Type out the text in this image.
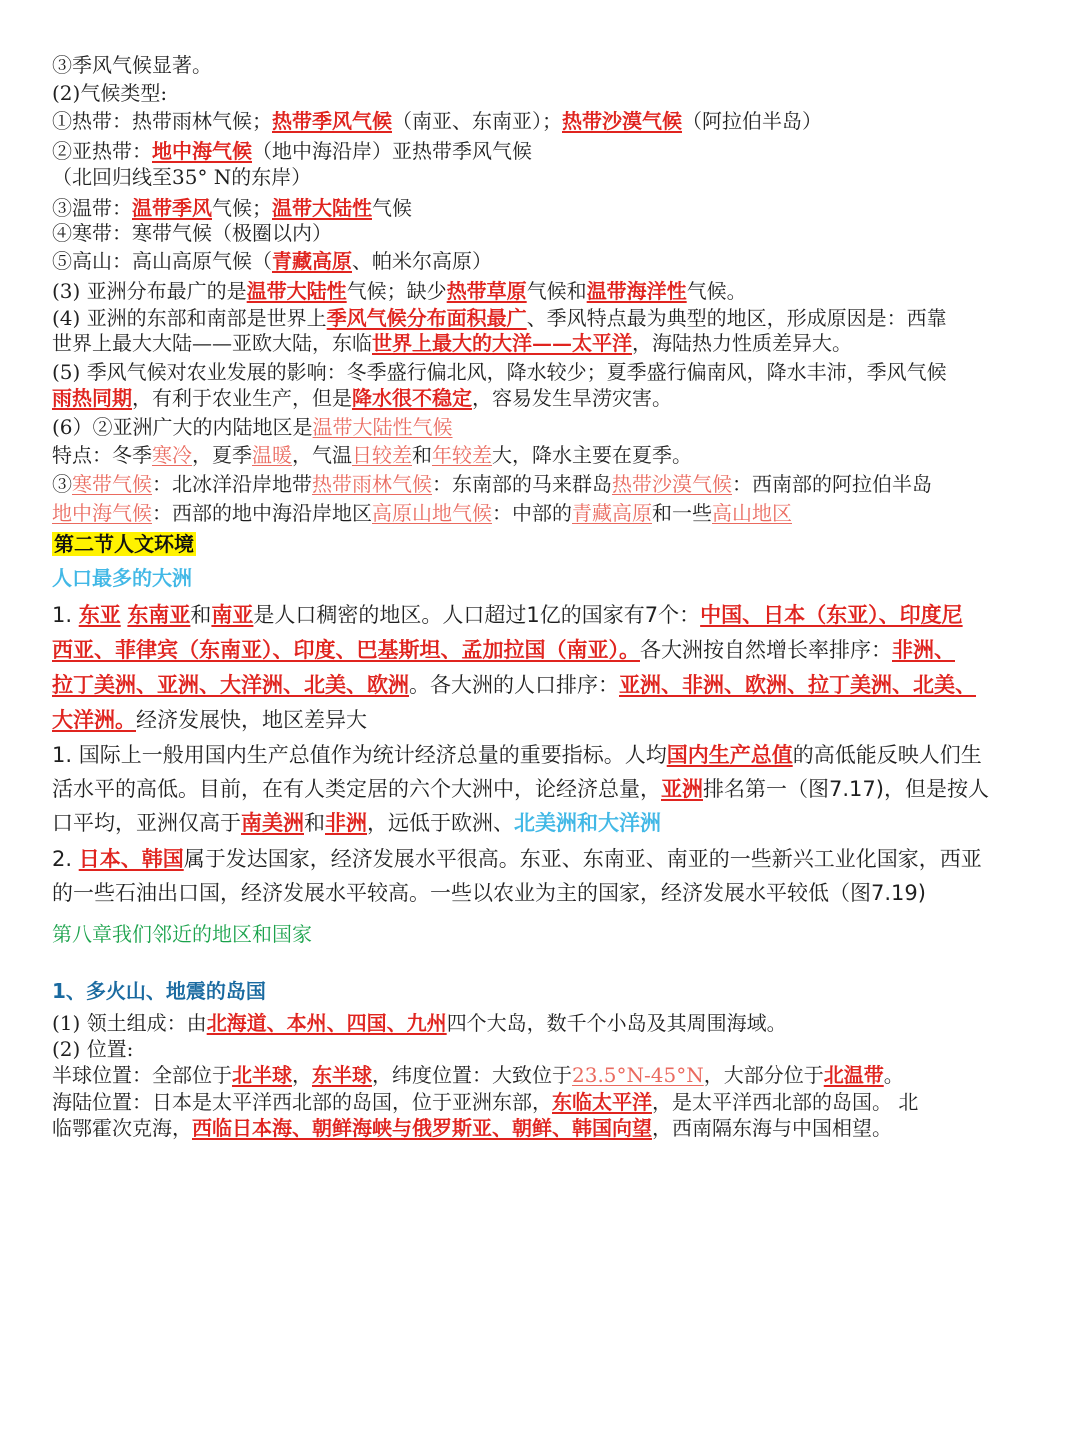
③季风气候显著。
(2)气候类型:
①热带：热带雨林气候；热带季风气候（南亚、东南亚）；热带沙漠气候（阿拉伯半岛）
②亚热带：地中海气候（地中海沿岸）亚热带季风气候
（北回归线至35° N的东岸）
③温带：温带季风气候；温带大陆性气候
④寒带：寒带气候（极圈以内）
⑤高山：高山高原气候（青藏高原、帕米尔高原）
(3) 亚洲分布最广的是温带大陆性气候；缺少热带草原气候和温带海洋性气候。
(4) 亚洲的东部和南部是世界上季风气候分布面积最广、季风特点最为典型的地区，形成原因是：西靠
世界上最大大陆——亚欧大陆，东临世界上最大的大洋——太平洋，海陆热力性质差异大。
(5) 季风气候对农业发展的影响：冬季盛行偏北风，降水较少；夏季盛行偏南风，降水丰沛，季风气候
雨热同期，有利于农业生产，但是降水很不稳定，容易发生旱涝灾害。
(6）②亚洲广大的内陆地区是温带大陆性气候
特点：冬季寒冷，夏季温暖，气温日较差和年较差大，降水主要在夏季。
③寒带气候：北冰洋沿岸地带热带雨林气候：东南部的马来群岛热带沙漠气候：西南部的阿拉伯半岛
地中海气候：西部的地中海沿岸地区高原山地气候：中部的青藏高原和一些高山地区
第二节人文环境
人口最多的大洲
1. 东亚 东南亚和南亚是人口稠密的地区。人口超过1亿的国家有7个：中国、日本（东亚）、印度尼
西亚、菲律宾（东南亚）、印度、巴基斯坦、孟加拉国（南亚）。各大洲按自然增长率排序：非洲、
拉丁美洲、亚洲、大洋洲、北美、欧洲。各大洲的人口排序：亚洲、非洲、欧洲、拉丁美洲、北美、
大洋洲。经济发展快，地区差异大
1. 国际上一般用国内生产总值作为统计经济总量的重要指标。人均国内生产总值的高低能反映人们生
活水平的高低。目前，在有人类定居的六个大洲中，论经济总量，亚洲排名第一（图7.17)，但是按人
口平均，亚洲仅高于南美洲和非洲，远低于欧洲、北美洲和大洋洲
2. 日本、韩国属于发达国家，经济发展水平很高。东亚、东南亚、南亚的一些新兴工业化国家，西亚
的一些石油出口国，经济发展水平较高。一些以农业为主的国家，经济发展水平较低（图7.19)
第八章我们邻近的地区和国家
1、多火山、地震的岛国
(1) 领土组成：由北海道、本州、四国、九州四个大岛，数千个小岛及其周围海域。
(2) 位置:
半球位置：全部位于北半球，东半球，纬度位置：大致位于23.5°N-45°N，大部分位于北温带。
海陆位置：日本是太平洋西北部的岛国，位于亚洲东部，东临太平洋，是太平洋西北部的岛国。 北
临鄂霍次克海，西临日本海、朝鲜海峡与俄罗斯亚、朝鲜、韩国向望，西南隔东海与中国相望。
